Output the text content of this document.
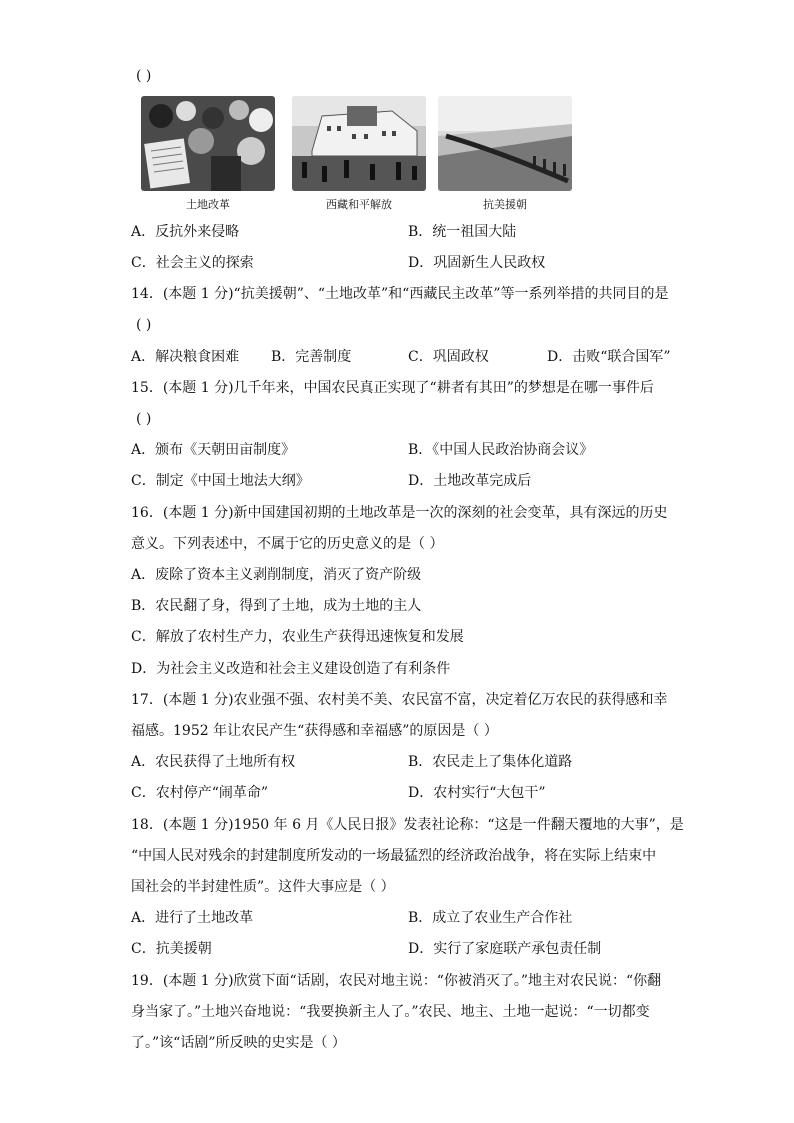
( )
土地改革	西藏和平解放	抗美援朝
A．反抗外来侵略	B．统一祖国大陆
C．社会主义的探索	D．巩固新生人民政权
14．(本题 1 分)“抗美援朝”、“土地改革”和“西藏民主改革”等一系列举措的共同目的是
( )
A．解决粮食困难 B．完善制度	C．巩固政权	D．击败“联合国军”
15．(本题 1 分)几千年来，中国农民真正实现了“耕者有其田”的梦想是在哪一事件后
( )
A．颁布《天朝田亩制度》	B．《中国人民政治协商会议》
C．制定《中国土地法大纲》	D．土地改革完成后
16．(本题 1 分)新中国建国初期的土地改革是一次的深刻的社会变革，具有深远的历史
意义。下列表述中，不属于它的历史意义的是（ ）
A．废除了资本主义剥削制度，消灭了资产阶级
B．农民翻了身，得到了土地，成为土地的主人
C．解放了农村生产力，农业生产获得迅速恢复和发展
D．为社会主义改造和社会主义建设创造了有利条件
17．(本题 1 分)农业强不强、农村美不美、农民富不富，决定着亿万农民的获得感和幸
福感。1952 年让农民产生“获得感和幸福感”的原因是（ ）
A．农民获得了土地所有权	B．农民走上了集体化道路
C．农村停产“闹革命”	D．农村实行“大包干”
18．(本题 1 分)1950 年 6 月《人民日报》发表社论称：“这是一件翻天覆地的大事”，是
“中国人民对残余的封建制度所发动的一场最猛烈的经济政治战争，将在实际上结束中
国社会的半封建性质”。这件大事应是（ ）
A．进行了土地改革	B．成立了农业生产合作社
C．抗美援朝	D．实行了家庭联产承包责任制
19．(本题 1 分)欣赏下面“话剧，农民对地主说：“你被消灭了。”地主对农民说：“你翻
身当家了。”土地兴奋地说：“我要换新主人了。”农民、地主、土地一起说：“一切都变
了。”该“话剧”所反映的史实是（ ）
